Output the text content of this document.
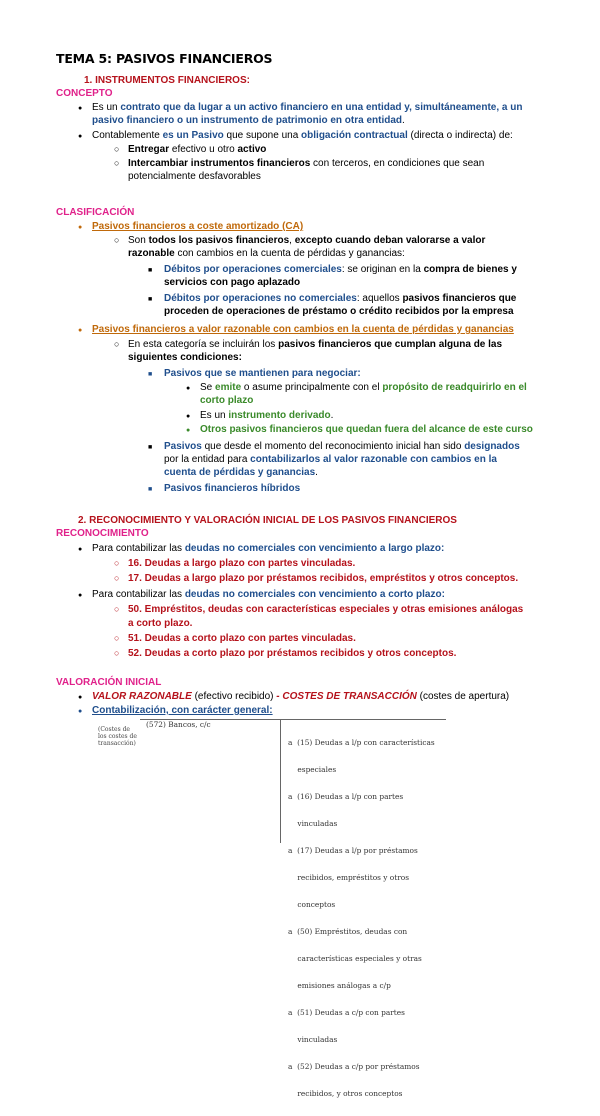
TEMA 5: PASIVOS FINANCIEROS
1. INSTRUMENTOS FINANCIEROS:
CONCEPTO
●
Es un contrato que da lugar a un activo financiero en una entidad y, simultáneamente, a un
pasivo financiero o un instrumento de patrimonio en otra entidad.
●
Contablemente es un Pasivo que supone una obligación contractual (directa o indirecta) de:
○
Entregar efectivo u otro activo
○
Intercambiar instrumentos financieros con terceros, en condiciones que sean
potencialmente desfavorables
CLASIFICACIÓN
●
Pasivos financieros a coste amortizado (CA)
○
Son todos los pasivos financieros, excepto cuando deban valorarse a valor
razonable con cambios en la cuenta de pérdidas y ganancias:
■
Débitos por operaciones comerciales: se originan en la compra de bienes y
servicios con pago aplazado
■
Débitos por operaciones no comerciales: aquellos pasivos financieros que
proceden de operaciones de préstamo o crédito recibidos por la empresa
●
Pasivos financieros a valor razonable con cambios en la cuenta de pérdidas y ganancias
○
En esta categoría se incluirán los pasivos financieros que cumplan alguna de las
siguientes condiciones:
■
Pasivos que se mantienen para negociar:
●
Se emite o asume principalmente con el propósito de readquirirlo en el
corto plazo
●
Es un instrumento derivado.
●
Otros pasivos financieros que quedan fuera del alcance de este curso
■
Pasivos que desde el momento del reconocimiento inicial han sido designados
por la entidad para contabilizarlos al valor razonable con cambios en la
cuenta de pérdidas y ganancias.
■
Pasivos financieros híbridos
2. RECONOCIMIENTO Y VALORACIÓN INICIAL DE LOS PASIVOS FINANCIEROS
RECONOCIMIENTO
●
Para contabilizar las deudas no comerciales con vencimiento a largo plazo:
○
16. Deudas a largo plazo con partes vinculadas.
○
17. Deudas a largo plazo por préstamos recibidos, empréstitos y otros conceptos.
●
Para contabilizar las deudas no comerciales con vencimiento a corto plazo:
○
50. Empréstitos, deudas con características especiales y otras emisiones análogas
a corto plazo.
○
51. Deudas a corto plazo con partes vinculadas.
○
52. Deudas a corto plazo por préstamos recibidos y otros conceptos.
VALORACIÓN INICIAL
●
VALOR RAZONABLE (efectivo recibido) - COSTES DE TRANSACCIÓN (costes de apertura)
●
Contabilización, con carácter general:
(Costes de
los costes de
transacción)
(572) Bancos, c/c

a  (15) Deudas a l/p con características

especiales

a  (16) Deudas a l/p con partes

vinculadas

a  (17) Deudas a l/p por préstamos

recibidos, empréstitos y otros

conceptos

a  (50) Empréstitos, deudas con

características especiales y otras

emisiones análogas a c/p

a  (51) Deudas a c/p con partes

vinculadas

a  (52) Deudas a c/p por préstamos

recibidos, y otros conceptos
